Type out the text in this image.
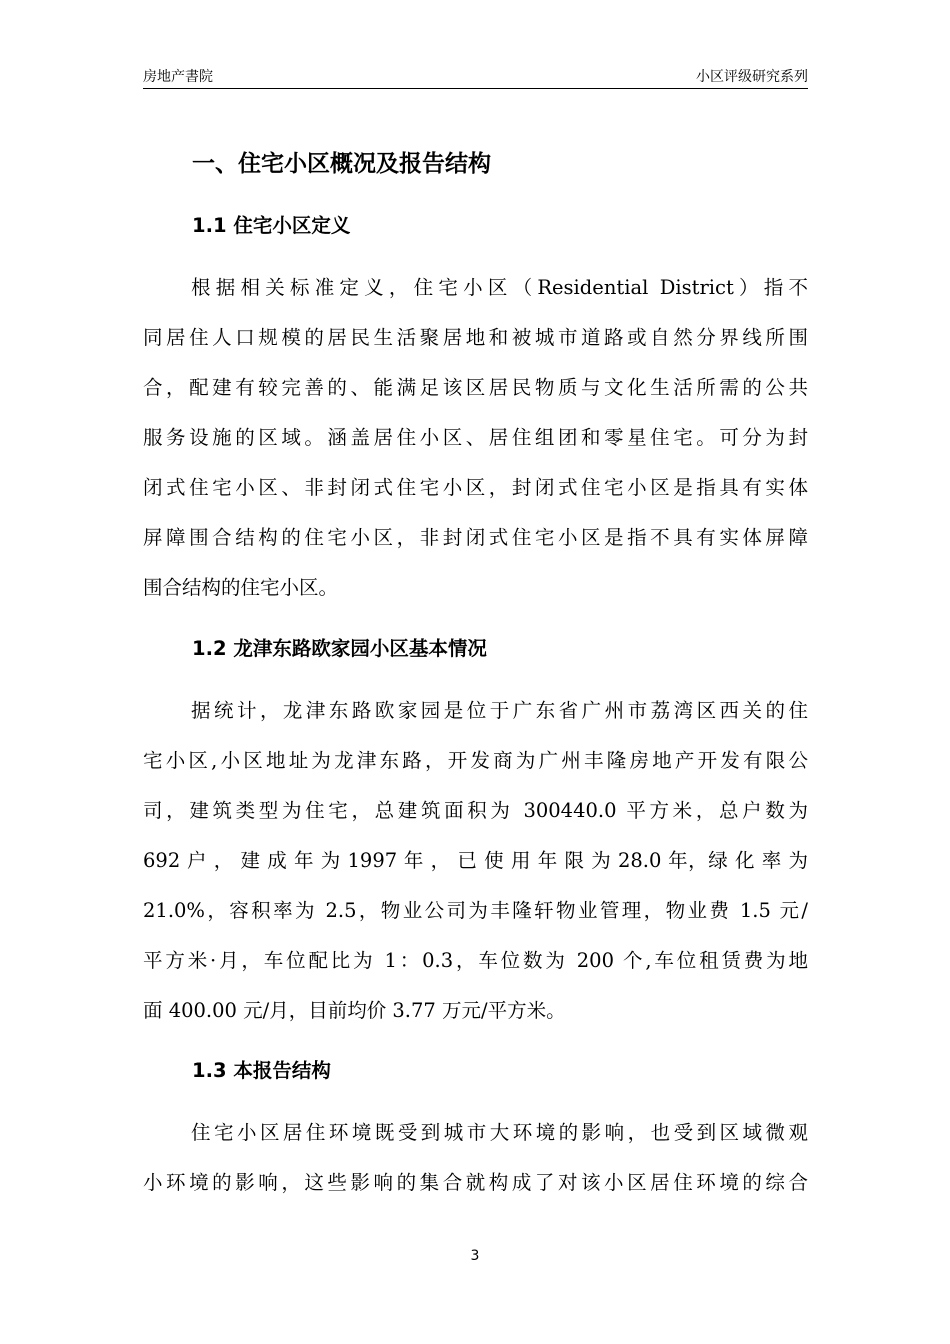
房地产書院	小区评级研究系列
一、住宅小区概况及报告结构
1.1 住宅小区定义
根据相关标准定义，住宅小区（Residential District）指不
同居住人口规模的居民生活聚居地和被城市道路或自然分界线所围
合，配建有较完善的、能满足该区居民物质与文化生活所需的公共
服务设施的区域。涵盖居住小区、居住组团和零星住宅。可分为封
闭式住宅小区、非封闭式住宅小区，封闭式住宅小区是指具有实体
屏障围合结构的住宅小区，非封闭式住宅小区是指不具有实体屏障
围合结构的住宅小区。
1.2 龙津东路欧家园小区基本情况
据统计，龙津东路欧家园是位于广东省广州市荔湾区西关的住
宅小区,小区地址为龙津东路，开发商为广州丰隆房地产开发有限公
司，建筑类型为住宅，总建筑面积为 300440.0 平方米，总户数为
692 户 ， 建 成 年 为 1997 年 ， 已 使 用 年 限 为 28.0 年，绿 化 率 为
21.0%，容积率为 2.5，物业公司为丰隆轩物业管理，物业费 1.5 元/
平方米·月，车位配比为 1：0.3，车位数为 200 个,车位租赁费为地
面 400.00 元/月，目前均价 3.77 万元/平方米。
1.3 本报告结构
住宅小区居住环境既受到城市大环境的影响，也受到区域微观
小环境的影响，这些影响的集合就构成了对该小区居住环境的综合
3
